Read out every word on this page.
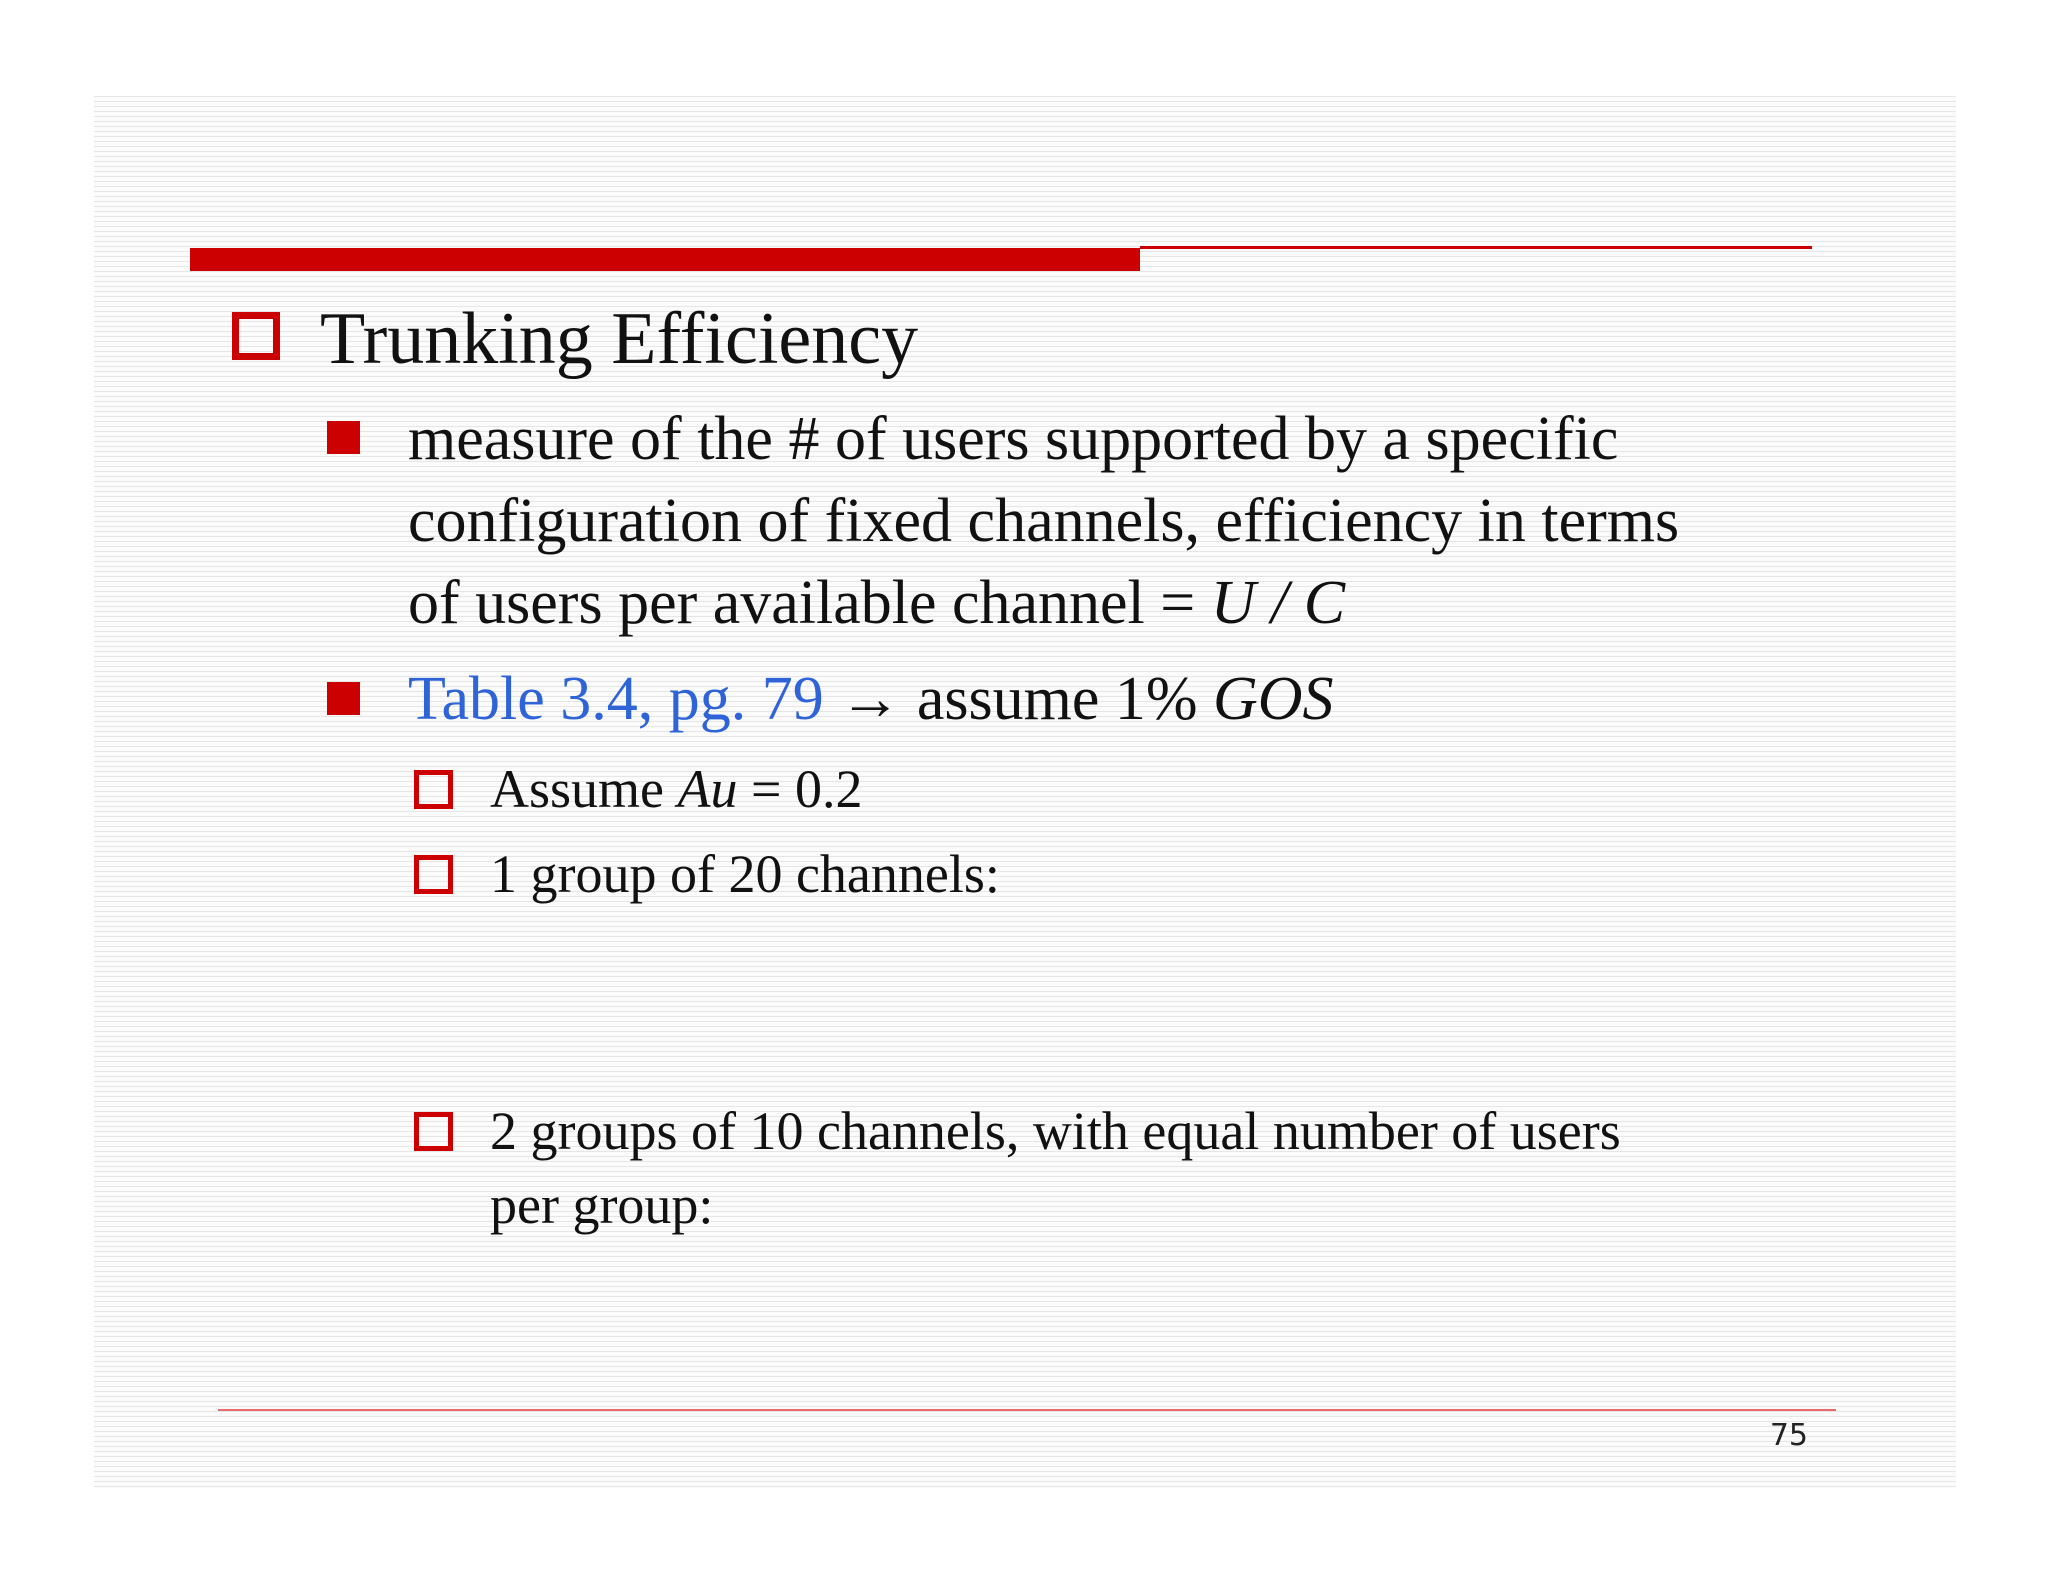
Trunking Efficiency

measure of the # of users supported by a specific

configuration of fixed channels, efficiency in terms

of users per available channel = U / C

Table 3.4, pg. 79 → assume 1% GOS

Assume Au = 0.2

1 group of 20 channels:

2 groups of 10 channels, with equal number of users

per group:

75
